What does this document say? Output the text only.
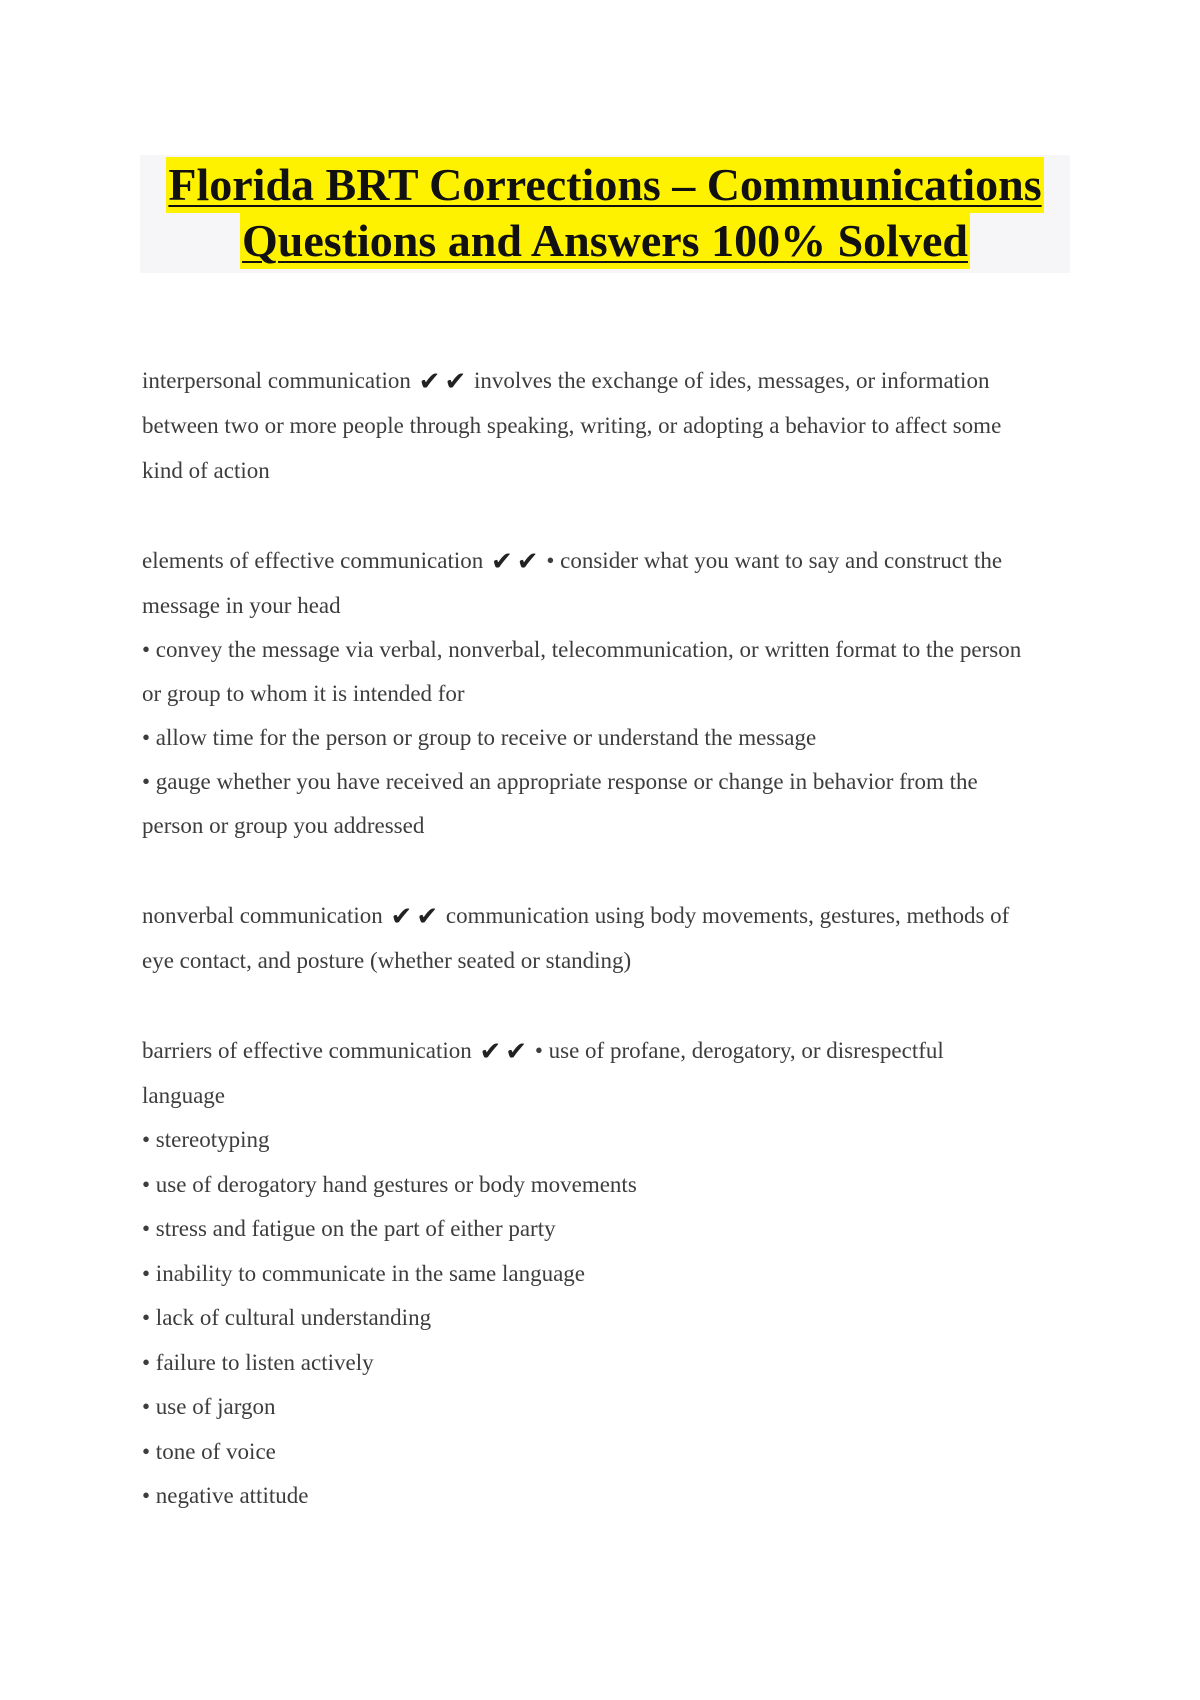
Florida BRT Corrections – Communications
Questions and Answers 100% Solved

interpersonal communication ✔ ✔ involves the exchange of ides, messages, or information

between two or more people through speaking, writing, or adopting a behavior to affect some

kind of action

elements of effective communication ✔ ✔ • consider what you want to say and construct the

message in your head

• convey the message via verbal, nonverbal, telecommunication, or written format to the person

or group to whom it is intended for

• allow time for the person or group to receive or understand the message

• gauge whether you have received an appropriate response or change in behavior from the

person or group you addressed

nonverbal communication ✔ ✔ communication using body movements, gestures, methods of

eye contact, and posture (whether seated or standing)

barriers of effective communication ✔ ✔ • use of profane, derogatory, or disrespectful

language

• stereotyping

• use of derogatory hand gestures or body movements

• stress and fatigue on the part of either party

• inability to communicate in the same language

• lack of cultural understanding

• failure to listen actively

• use of jargon

• tone of voice

• negative attitude
